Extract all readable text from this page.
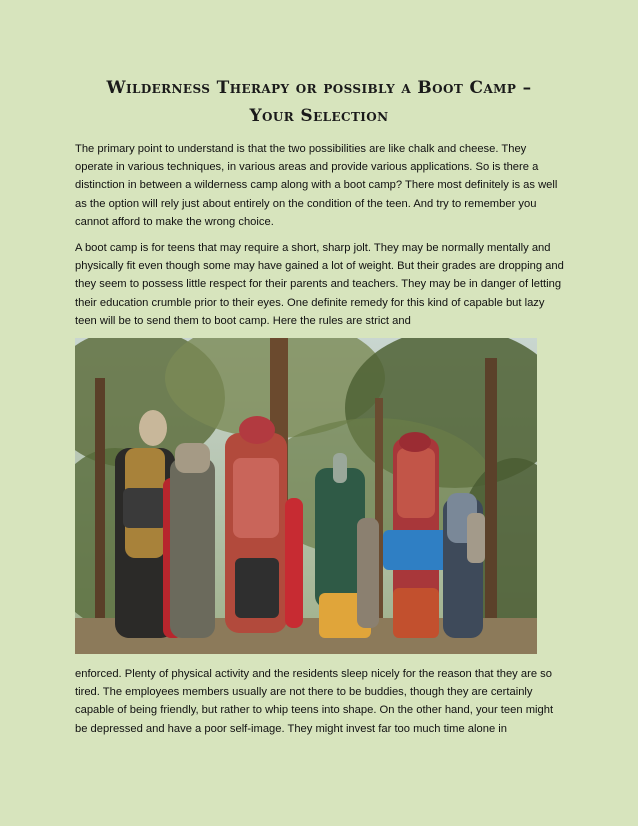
Wilderness Therapy or possibly a Boot Camp –
Your Selection

The primary point to understand is that the two possibilities are like chalk and cheese. They operate in various techniques, in various areas and provide various applications. So is there a distinction in between a wilderness camp along with a boot camp? There most definitely is as well as the option will rely just about entirely on the condition of the teen. And try to remember you cannot afford to make the wrong choice.

A boot camp is for teens that may require a short, sharp jolt. They may be normally mentally and physically fit even though some may have gained a lot of weight. But their grades are dropping and they seem to possess little respect for their parents and teachers. They may be in danger of letting their education crumble prior to their eyes. One definite remedy for this kind of capable but lazy teen will be to send them to boot camp. Here the rules are strict and

enforced. Plenty of physical activity and the residents sleep nicely for the reason that they are so tired. The employees members usually are not there to be buddies, though they are certainly capable of being friendly, but rather to whip teens into shape. On the other hand, your teen might be depressed and have a poor self-image. They might invest far too much time alone in
